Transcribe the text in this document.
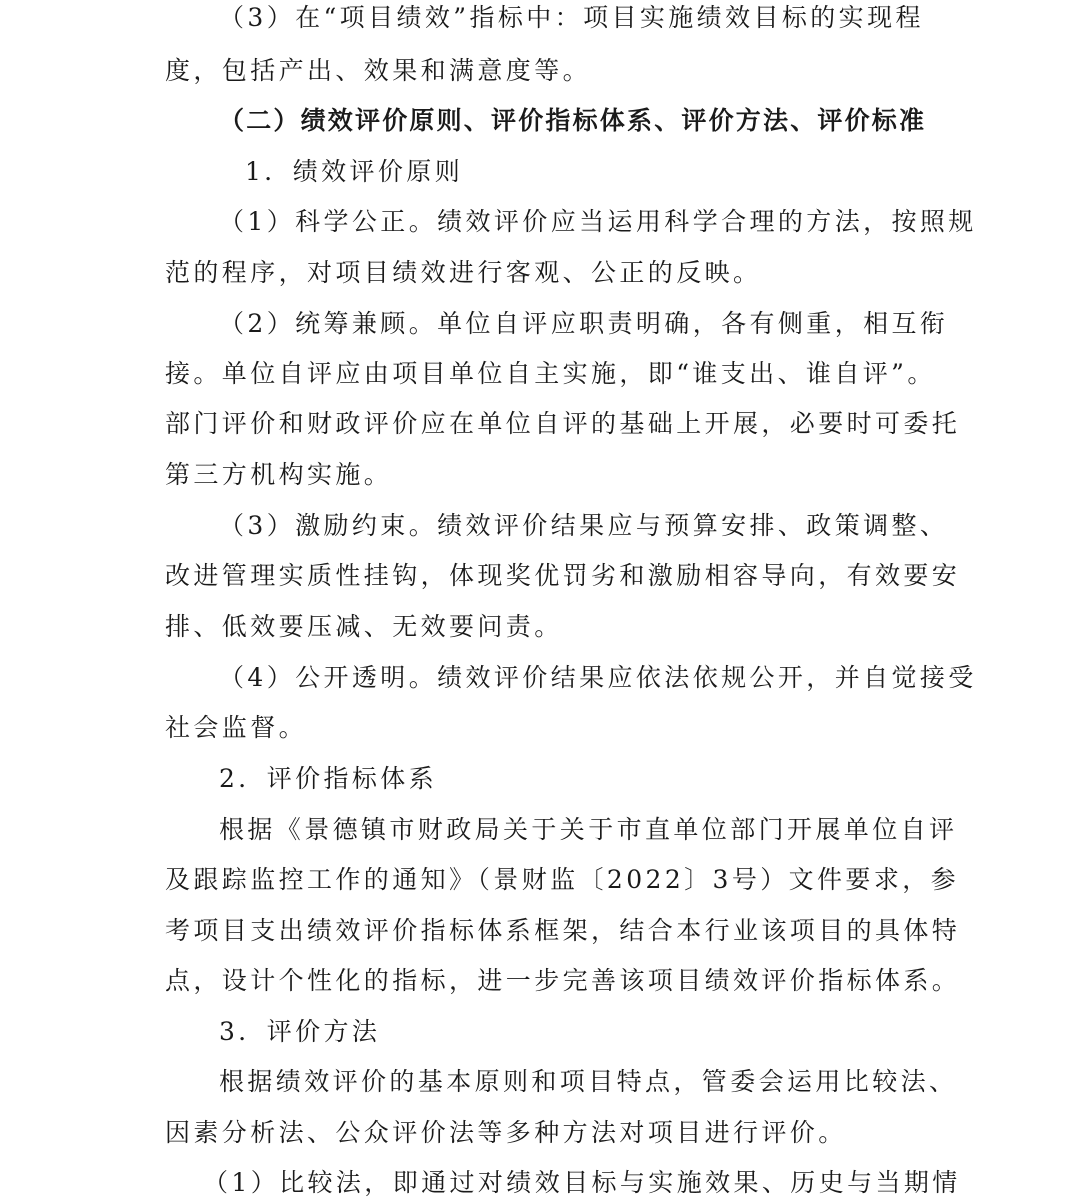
（3）在“项目绩效”指标中：项目实施绩效目标的实现程
度，包括产出、效果和满意度等。
（二）绩效评价原则、评价指标体系、评价方法、评价标准
1．绩效评价原则
（1）科学公正。绩效评价应当运用科学合理的方法，按照规
范的程序，对项目绩效进行客观、公正的反映。
（2）统筹兼顾。单位自评应职责明确，各有侧重，相互衔
接。单位自评应由项目单位自主实施，即“谁支出、谁自评”。
部门评价和财政评价应在单位自评的基础上开展，必要时可委托
第三方机构实施。
（3）激励约束。绩效评价结果应与预算安排、政策调整、
改进管理实质性挂钩，体现奖优罚劣和激励相容导向，有效要安
排、低效要压减、无效要问责。
（4）公开透明。绩效评价结果应依法依规公开，并自觉接受
社会监督。
2．评价指标体系
根据《景德镇市财政局关于关于市直单位部门开展单位自评
及跟踪监控工作的通知》（景财监〔2022〕3号）文件要求，参
考项目支出绩效评价指标体系框架，结合本行业该项目的具体特
点，设计个性化的指标，进一步完善该项目绩效评价指标体系。
3．评价方法
根据绩效评价的基本原则和项目特点，管委会运用比较法、
因素分析法、公众评价法等多种方法对项目进行评价。
（1）比较法，即通过对绩效目标与实施效果、历史与当期情
